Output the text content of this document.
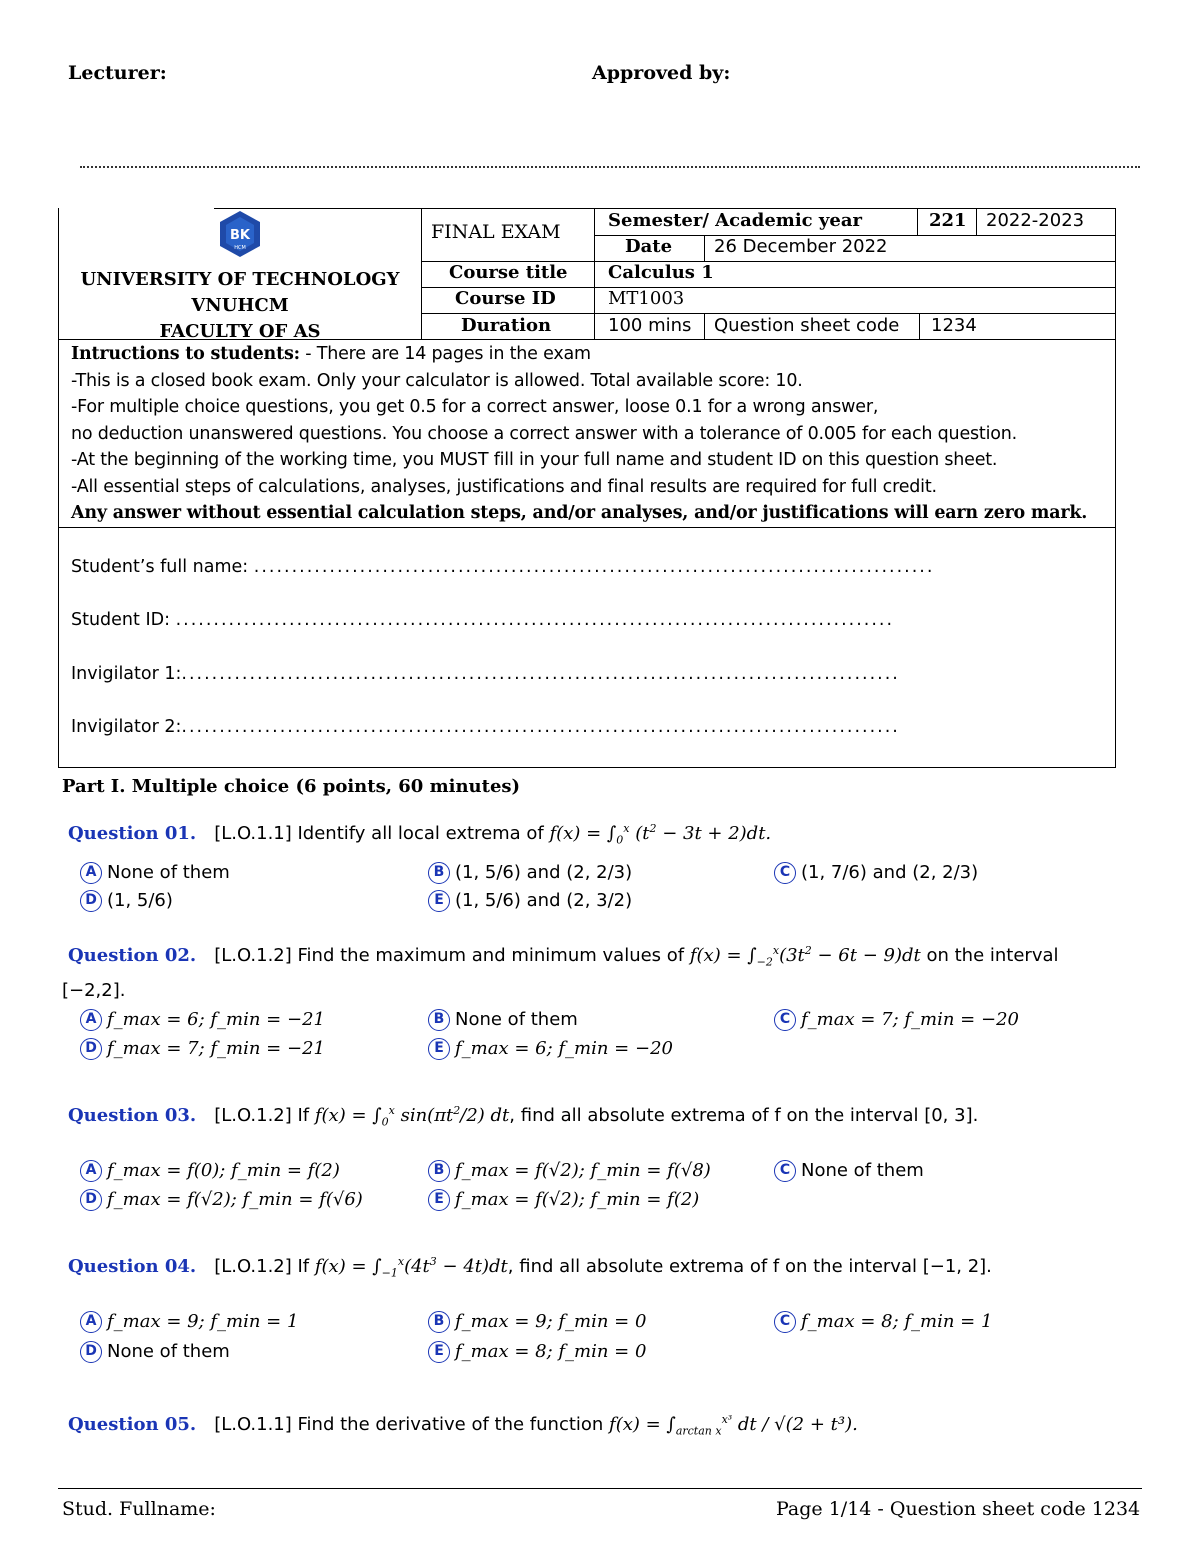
Lecturer:	Approved by:
BK
HCM
UNIVERSITY OF TECHNOLOGY
VNUHCM
FACULTY OF AS
FINAL EXAM
Semester/ Academic year	221 2022-2023
Date 26 December 2022
Course title Calculus 1
Course ID	MT1003
Duration	100 mins Question sheet code 1234
Intructions to students: - There are 14 pages in the exam
-This is a closed book exam. Only your calculator is allowed. Total available score: 10.
-For multiple choice questions, you get 0.5 for a correct answer, loose 0.1 for a wrong answer,
no deduction unanswered questions. You choose a correct answer with a tolerance of 0.005 for each question.
-At the beginning of the working time, you MUST fill in your full name and student ID on this question sheet.
-All essential steps of calculations, analyses, justifications and final results are required for full credit.
Any answer without essential calculation steps, and/or analyses, and/or justifications will earn zero mark.
Student’s full name: ..........................................................................................
Student ID: ...............................................................................................
Invigilator 1:...............................................................................................
Invigilator 2:...............................................................................................
Part I. Multiple choice (6 points, 60 minutes)
Question 01. [L.O.1.1] Identify all local extrema of $f(x) = \int_0^x$ $(t^2 - 3t + 2)dt$.
A None of them	B (1, 5/6) and (2, 2/3)	C (1, 7/6) and (2, 2/3)
D (1, 5/6)	E (1, 5/6) and (2, 3/2)
Question 02. [L.O.1.2] Find the maximum and minimum values of $f(x) = \int_{-2}^x(3t^2 - 6t - 9)dt$ on the interval
[−2,2].
A f_max = 6; f_min = −21	B None of them	C f_max = 7; f_min = −20
D f_max = 7; f_min = −21	E f_max = 6; f_min = −20
Question 03. [L.O.1.2] If $f(x) = \int_0^x$ $\sin(\pi t^2/2)$ dt, find all absolute extrema of f on the interval [0, 3].
A f_max = f(0); f_min = f(2)	B f_max = f(√2); f_min = f(√8)	C None of them
D f_max = f(√2); f_min = f(√6)	E f_max = f(√2); f_min = f(2)
Question 04. [L.O.1.2] If $f(x) = \int_{-1}^x(4t^3 - 4t)dt$, find all absolute extrema of f on the interval [−1, 2].
A f_max = 9; f_min = 1	B f_max = 9; f_min = 0	C f_max = 8; f_min = 1
D None of them	E f_max = 8; f_min = 0
Question 05. [L.O.1.1] Find the derivative of the function $f(x) = \int_{arctan x}^{x^3}$ dt / √(2 + t³).
Stud. Fullname:	Page 1/14 - Question sheet code 1234
